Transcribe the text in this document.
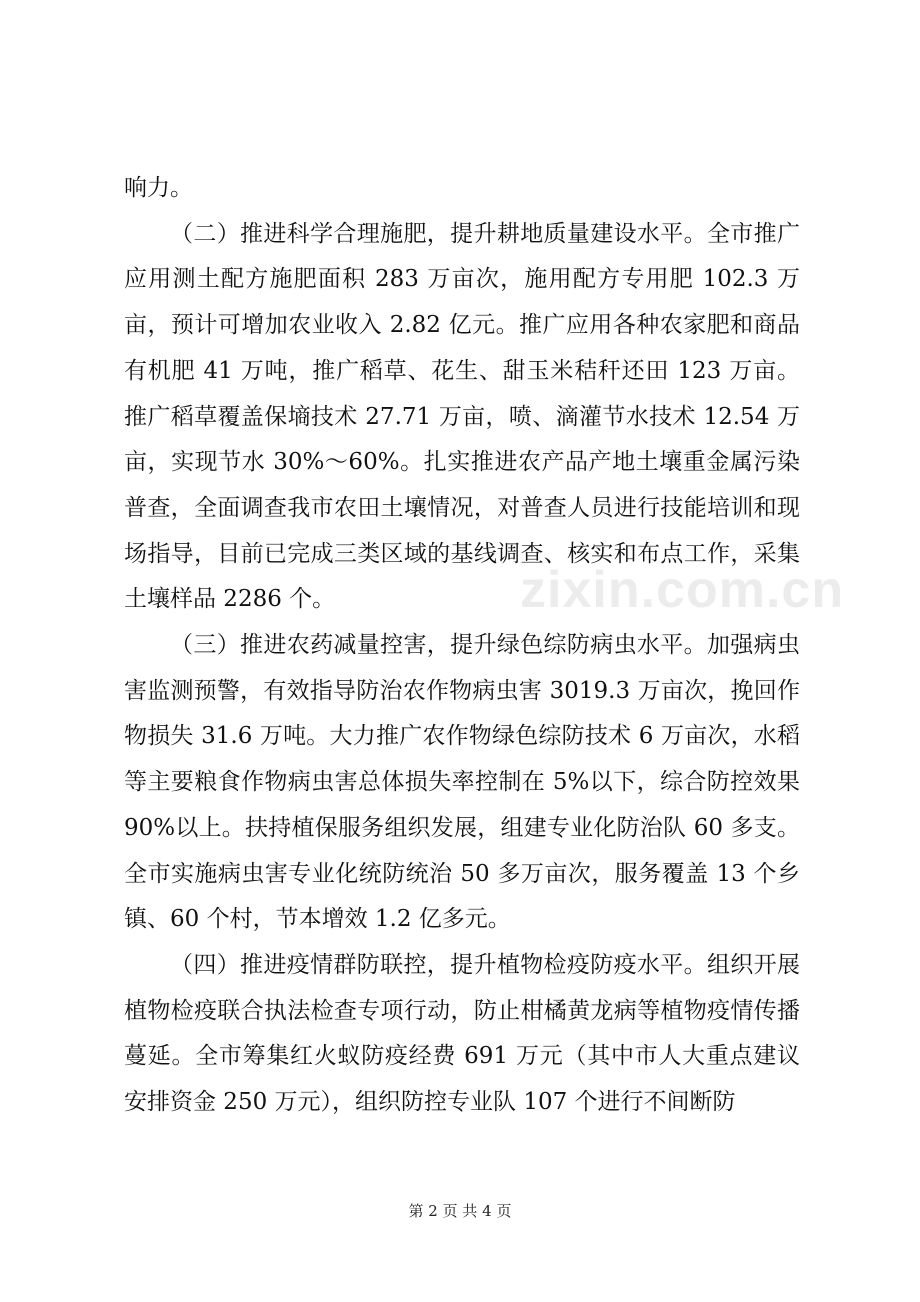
响力。

（二）推进科学合理施肥，提升耕地质量建设水平。全市推广应用测土配方施肥面积 283 万亩次，施用配方专用肥 102.3 万亩，预计可增加农业收入 2.82 亿元。推广应用各种农家肥和商品有机肥 41 万吨，推广稻草、花生、甜玉米秸秆还田 123 万亩。推广稻草覆盖保墒技术 27.71 万亩，喷、滴灌节水技术 12.54 万亩，实现节水 30%～60%。扎实推进农产品产地土壤重金属污染普查，全面调查我市农田土壤情况，对普查人员进行技能培训和现场指导，目前已完成三类区域的基线调查、核实和布点工作，采集土壤样品 2286 个。

（三）推进农药减量控害，提升绿色综防病虫水平。加强病虫害监测预警，有效指导防治农作物病虫害 3019.3 万亩次，挽回作物损失 31.6 万吨。大力推广农作物绿色综防技术 6 万亩次，水稻等主要粮食作物病虫害总体损失率控制在 5%以下，综合防控效果 90%以上。扶持植保服务组织发展，组建专业化防治队 60 多支。全市实施病虫害专业化统防统治 50 多万亩次，服务覆盖 13 个乡镇、60 个村，节本增效 1.2 亿多元。

（四）推进疫情群防联控，提升植物检疫防疫水平。组织开展植物检疫联合执法检查专项行动，防止柑橘黄龙病等植物疫情传播蔓延。全市筹集红火蚁防疫经费 691 万元（其中市人大重点建议安排资金 250 万元），组织防控专业队 107 个进行不间断防

zixin.com.cn
第 2 页 共 4 页
